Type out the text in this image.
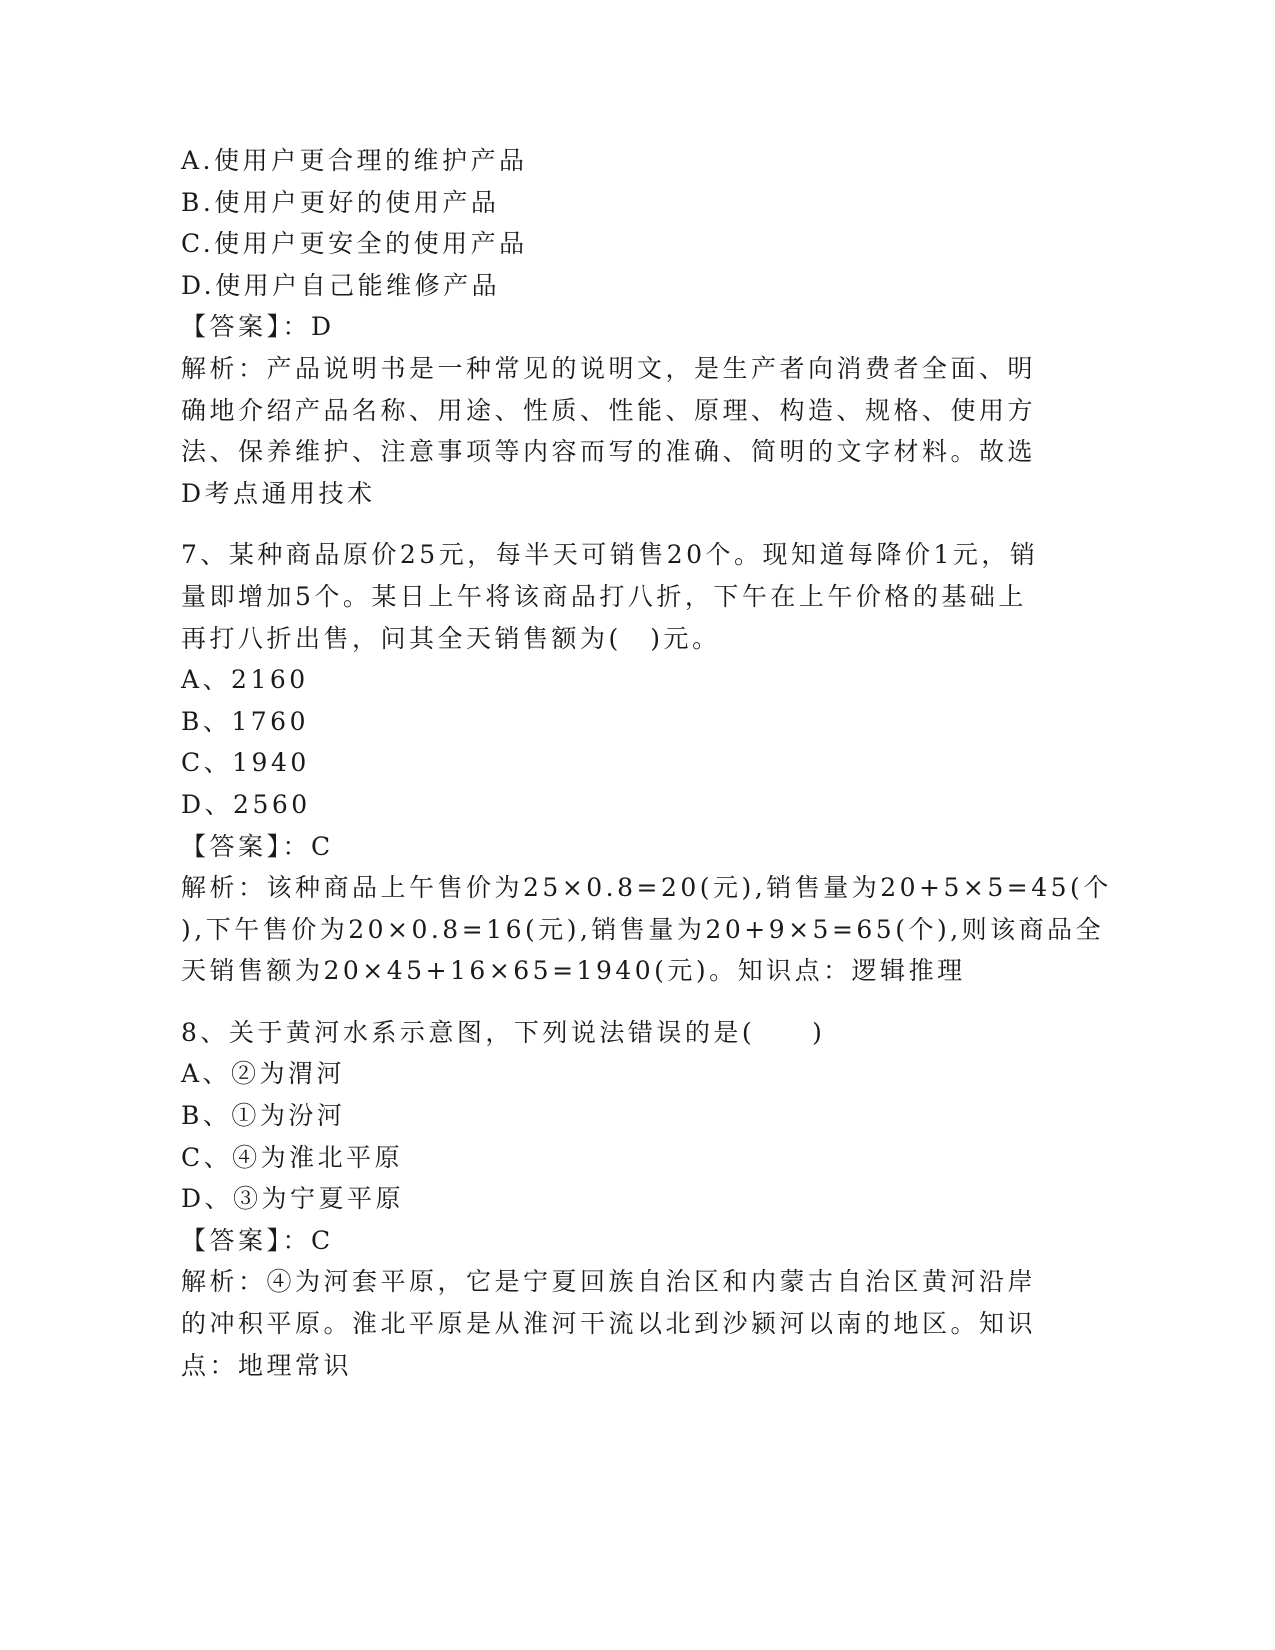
A.使用户更合理的维护产品
B.使用户更好的使用产品
C.使用户更安全的使用产品
D.使用户自己能维修产品
【答案】：D
解析：产品说明书是一种常见的说明文，是生产者向消费者全面、明
确地介绍产品名称、用途、性质、性能、原理、构造、规格、使用方
法、保养维护、注意事项等内容而写的准确、简明的文字材料。故选
D考点通用技术
7、某种商品原价25元，每半天可销售20个。现知道每降价1元，销
量即增加5个。某日上午将该商品打八折，下午在上午价格的基础上
再打八折出售，问其全天销售额为(　)元。
A、2160
B、1760
C、1940
D、2560
【答案】：C
解析：该种商品上午售价为25×0.8=20(元),销售量为20+5×5=45(个
),下午售价为20×0.8=16(元),销售量为20+9×5=65(个),则该商品全
天销售额为20×45+16×65=1940(元)。知识点：逻辑推理
8、关于黄河水系示意图，下列说法错误的是(　　)
A、②为渭河
B、①为汾河
C、④为淮北平原
D、③为宁夏平原
【答案】：C
解析：④为河套平原，它是宁夏回族自治区和内蒙古自治区黄河沿岸
的冲积平原。淮北平原是从淮河干流以北到沙颍河以南的地区。知识
点：地理常识
